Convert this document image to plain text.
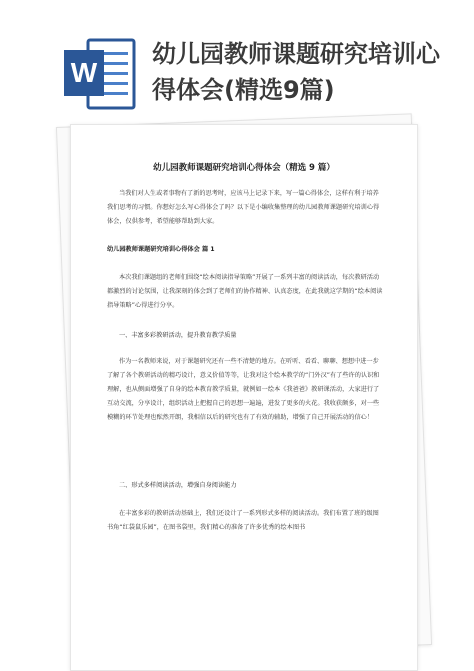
W
幼儿园教师课题研究培训心得体会(精选9篇)
幼儿园教师课题研究培训心得体会（精选 9 篇）
当我们对人生或者事物有了新的思考时，应该马上记录下来，写一篇心得体会，这样有利于培养我们思考的习惯。你想好怎么写心得体会了吗？以下是小编收集整理的幼儿园教师课题研究培训心得体会，仅供参考，希望能够帮助到大家。
幼儿园教师课题研究培训心得体会 篇 1
本次我们课题组的老师们围绕“绘本阅读指导策略”开展了一系列丰富的阅读活动，每次教研活动都激烈的讨论氛围，让我深刻的体会到了老师们的协作精神、认真态度，在此我就这学期的“绘本阅读指导策略”心得进行分享。
一、丰富多彩教研活动，提升教育教学质量
作为一名教师来说，对于课题研究还有一些不清楚的地方。在听听、看看、聊聊、想想中进一步了解了各个教研活动的精巧设计，意义价值等等，让我对这个绘本教学的“门外汉”有了些许的认识和理解，也从侧面增强了自身的绘本教育教学质量，就例如一绘本《我爸爸》教研课活动，大家进行了互动交流，分享设计，组织活动上把握自己的思想一遍遍，进发了更多的火花。我收获颇多，对一些模糊的环节处理也酝然开朗，我相信以后的研究也有了有效的辅助，增强了自己开展活动的信心！
二、形式多样阅读活动，增强自身阅读能力
在丰富多彩的教研活动基础上，我们还设计了一系列形式多样的阅读活动。我们布置了班的级图书角“红袋鼠乐园”，在图书袋里，我们精心的准备了许多优秀的绘本图书
